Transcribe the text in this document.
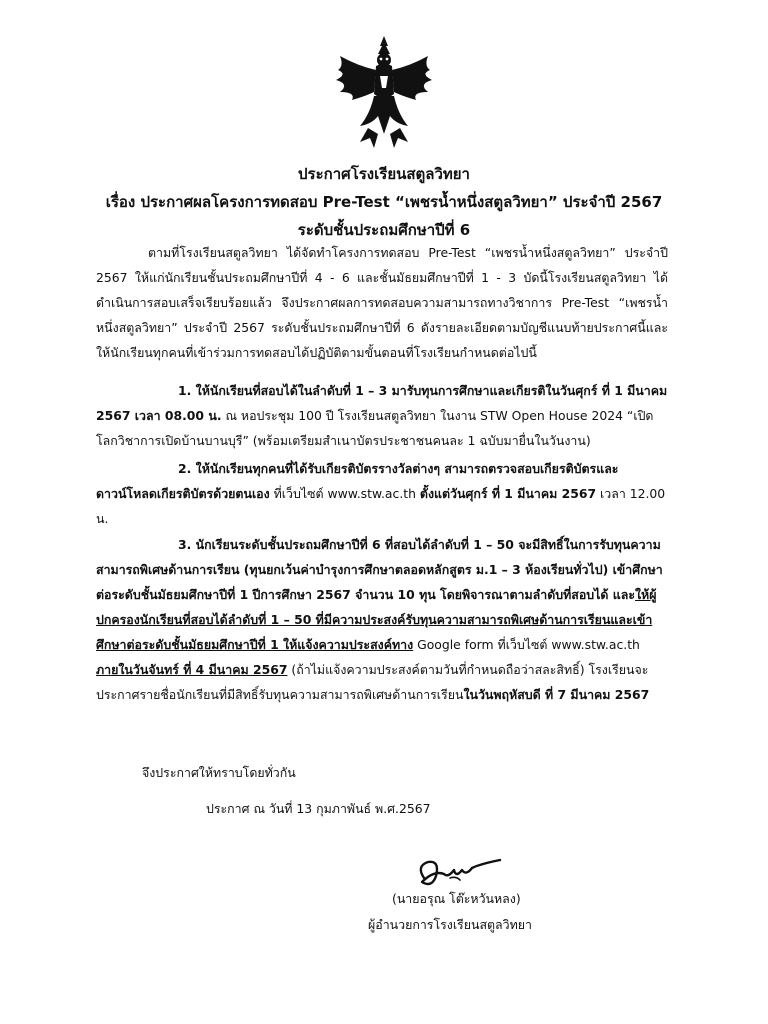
ประกาศโรงเรียนสตูลวิทยา
เรื่อง ประกาศผลโครงการทดสอบ Pre-Test “เพชรน้ำหนึ่งสตูลวิทยา” ประจำปี 2567
ระดับชั้นประถมศึกษาปีที่ 6
ตามที่โรงเรียนสตูลวิทยา ได้จัดทำโครงการทดสอบ Pre-Test “เพชรน้ำหนึ่งสตูลวิทยา” ประจำปี 2567 ให้แก่นักเรียนชั้นประถมศึกษาปีที่ 4 - 6 และชั้นมัธยมศึกษาปีที่ 1 - 3 บัดนี้โรงเรียนสตูลวิทยา ได้ดำเนินการสอบเสร็จเรียบร้อยแล้ว จึงประกาศผลการทดสอบความสามารถทางวิชาการ Pre-Test “เพชรน้ำหนึ่งสตูลวิทยา” ประจำปี 2567 ระดับชั้นประถมศึกษาปีที่ 6 ดังรายละเอียดตามบัญชีแนบท้ายประกาศนี้และให้นักเรียนทุกคนที่เข้าร่วมการทดสอบได้ปฏิบัติตามขั้นตอนที่โรงเรียนกำหนดต่อไปนี้
1. ให้นักเรียนที่สอบได้ในลำดับที่ 1 – 3 มารับทุนการศึกษาและเกียรติในวันศุกร์ ที่ 1 มีนาคม 2567 เวลา 08.00 น. ณ หอประชุม 100 ปี โรงเรียนสตูลวิทยา ในงาน STW Open House 2024 “เปิดโลกวิชาการเปิดบ้านบานบุรี” (พร้อมเตรียมสำเนาบัตรประชาชนคนละ 1 ฉบับมายื่นในวันงาน)
2. ให้นักเรียนทุกคนที่ได้รับเกียรติบัตรรางวัลต่างๆ สามารถตรวจสอบเกียรติบัตรและดาวน์โหลดเกียรติบัตรด้วยตนเอง ที่เว็บไซต์ www.stw.ac.th ตั้งแต่วันศุกร์ ที่ 1 มีนาคม 2567 เวลา 12.00 น.
3. นักเรียนระดับชั้นประถมศึกษาปีที่ 6 ที่สอบได้ลำดับที่ 1 – 50 จะมีสิทธิ์ในการรับทุนความสามารถพิเศษด้านการเรียน (ทุนยกเว้นค่าบำรุงการศึกษาตลอดหลักสูตร ม.1 – 3 ห้องเรียนทั่วไป) เข้าศึกษาต่อระดับชั้นมัธยมศึกษาปีที่ 1 ปีการศึกษา 2567 จำนวน 10 ทุน โดยพิจารณาตามลำดับที่สอบได้ และให้ผู้ปกครองนักเรียนที่สอบได้ลำดับที่ 1 – 50 ที่มีความประสงค์รับทุนความสามารถพิเศษด้านการเรียนและเข้าศึกษาต่อระดับชั้นมัธยมศึกษาปีที่ 1 ให้แจ้งความประสงค์ทาง Google form ที่เว็บไซต์ www.stw.ac.th ภายในวันจันทร์ ที่ 4 มีนาคม 2567 (ถ้าไม่แจ้งความประสงค์ตามวันที่กำหนดถือว่าสละสิทธิ์) โรงเรียนจะประกาศรายชื่อนักเรียนที่มีสิทธิ์รับทุนความสามารถพิเศษด้านการเรียนในวันพฤหัสบดี ที่ 7 มีนาคม 2567
จึงประกาศให้ทราบโดยทั่วกัน
ประกาศ ณ วันที่ 13 กุมภาพันธ์ พ.ศ.2567
(นายอรุณ โต๊ะหวันหลง)
ผู้อำนวยการโรงเรียนสตูลวิทยา
